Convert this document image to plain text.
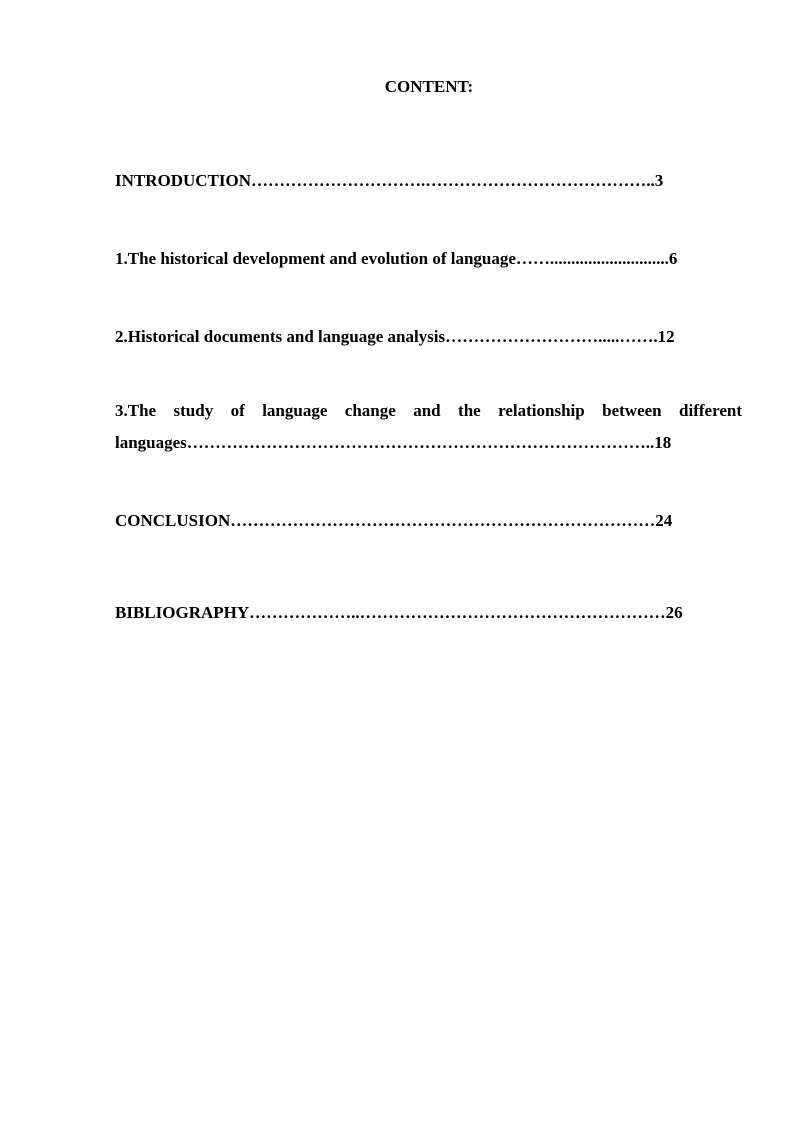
CONTENT:
INTRODUCTION………………………….…………………………………..3
1.The historical development and evolution of language……............................6
2.Historical documents and language analysis……………………….....…….12
3.The study of language change and the relationship between different
languages………………………………………………………………………..18
CONCLUSION…………………………………………………………………24
BIBLIOGRAPHY………………..………………………………………………26
